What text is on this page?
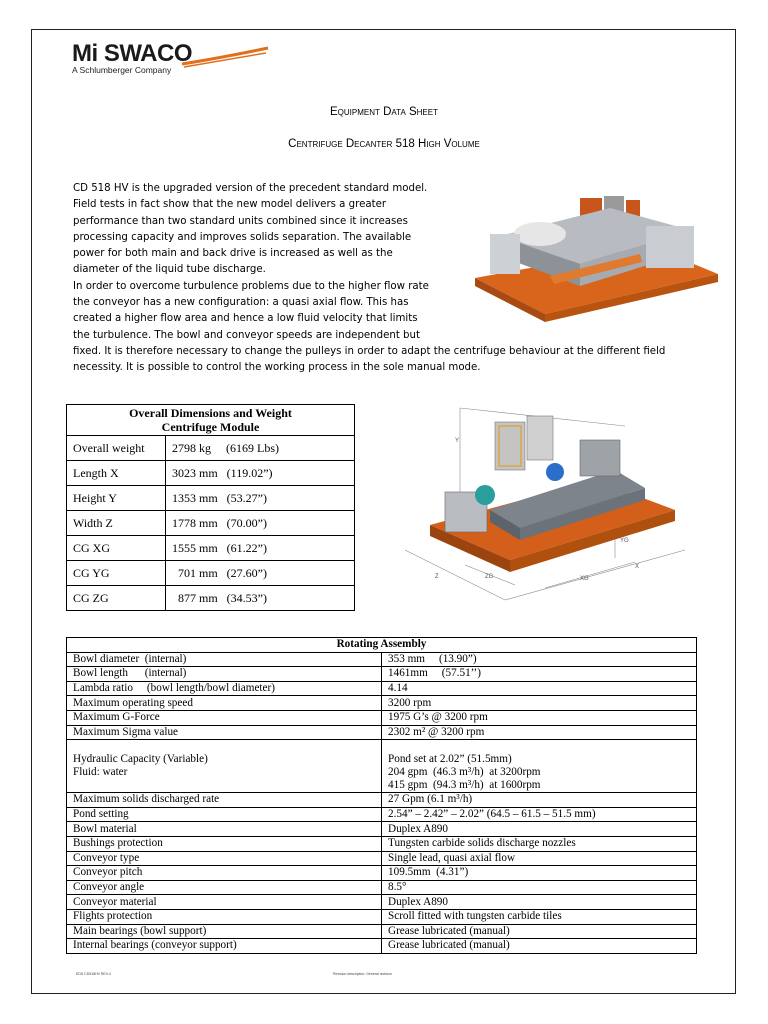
Mi SWACO
A Schlumberger Company
Equipment Data Sheet
Centrifuge Decanter 518 High Volume

CD 518 HV is the upgraded version of the precedent standard model.

Field tests in fact show that the new model delivers a greater

performance than two standard units combined since it increases

processing capacity and improves solids separation. The available

power for both main and back drive is increased as well as the

diameter of the liquid tube discharge.

In order to overcome turbulence problems due to the higher flow rate

the conveyor has a new configuration: a quasi axial flow. This has

created a higher flow area and hence a low fluid velocity that limits

the turbulence. The bowl and conveyor speeds are independent but

fixed. It is therefore necessary to change the pulleys in order to adapt the centrifuge behaviour at the different field

necessity. It is possible to control the working process in the sole manual mode.

Overall Dimensions and Weight
Centrifuge Module	
Overall weight	2798 kg     (6169 Lbs)
Length X	3023 mm   (119.02”)
Height Y	1353 mm   (53.27”)
Width Z	1778 mm   (70.00”)
CG XG	1555 mm   (61.22”)
CG YG	701 mm   (27.60”)
CG ZG	877 mm   (34.53”)
Y
Z	ZG	XG
X
YG
Rotating Assembly	
Bowl diameter  (internal)	353 mm     (13.90”)
Bowl length      (internal)	1461mm     (57.51’’)
Lambda ratio     (bowl length/bowl diameter)	4.14
Maximum operating speed	3200 rpm
Maximum G-Force	1975 G’s @ 3200 rpm
Maximum Sigma value	2302 m² @ 3200 rpm
Hydraulic Capacity (Variable)
Fluid: water	Pond set at 2.02” (51.5mm)
204 gpm  (46.3 m³/h)  at 3200rpm
415 gpm  (94.3 m³/h)  at 1600rpm
Maximum solids discharged rate	27 Gpm (6.1 m³/h)
Pond setting	2.54” – 2.42” – 2.02” (64.5 – 61.5 – 51.5 mm)
Bowl material	Duplex A890
Bushings protection	Tungsten carbide solids discharge nozzles
Conveyor type	Single lead, quasi axial flow
Conveyor pitch	109.5mm  (4.31”)
Conveyor angle	8.5°
Conveyor material	Duplex A890
Flights protection	Scroll fitted with tungsten carbide tiles
Main bearings (bowl support)	Grease lubricated (manual)
Internal bearings (conveyor support)	Grease lubricated (manual)
EDS.CD518HV REV.4	Revision description: General revision
